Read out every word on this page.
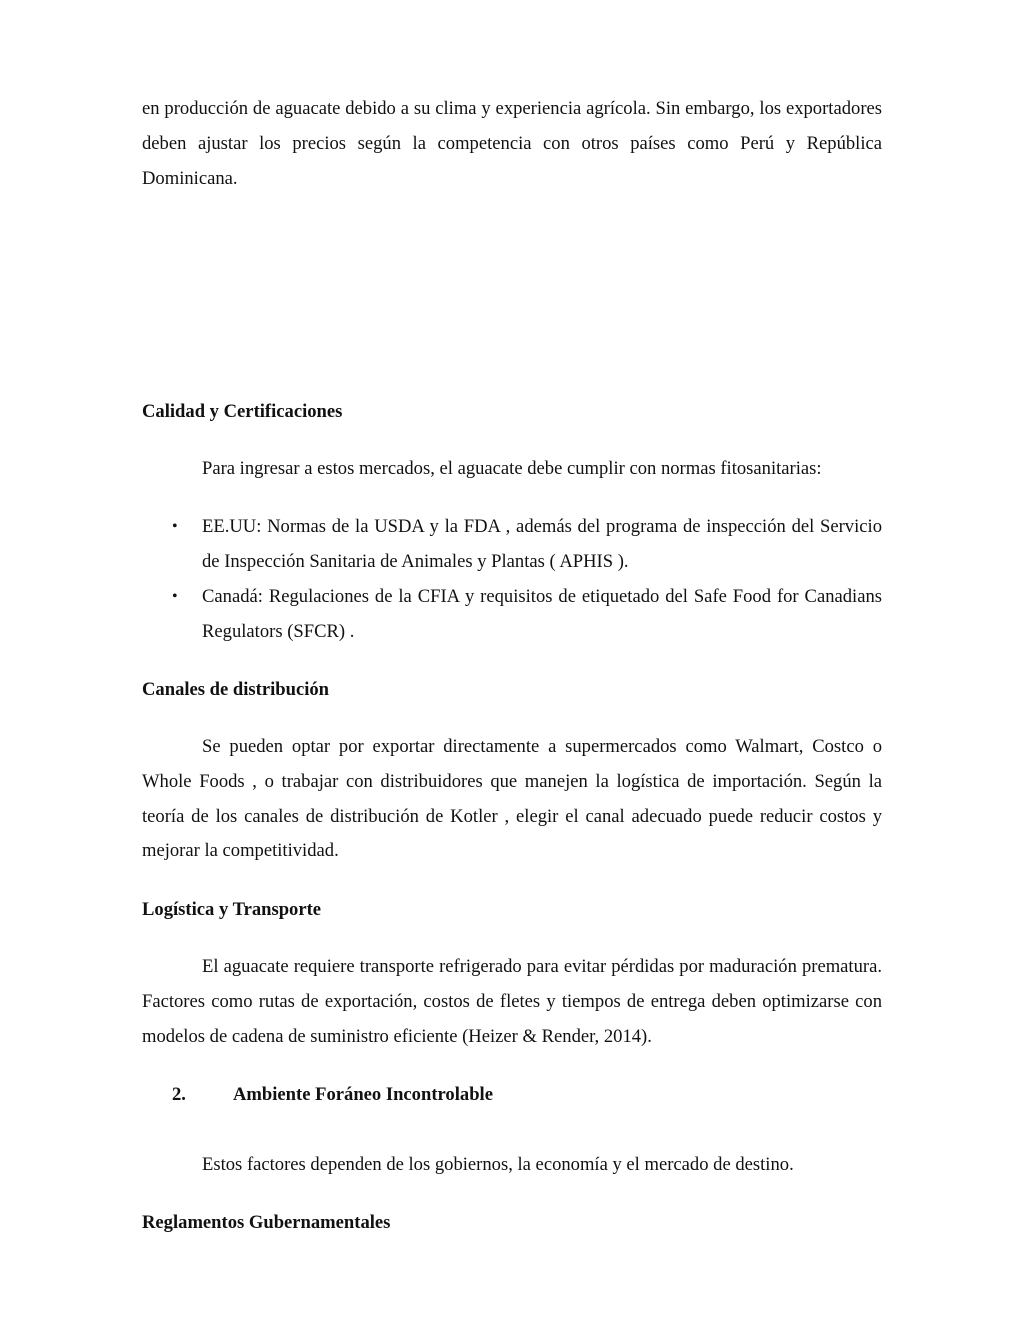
en producción de aguacate debido a su clima y experiencia agrícola. Sin embargo, los exportadores deben ajustar los precios según la competencia con otros países como Perú y República Dominicana.

Calidad y Certificaciones

Para ingresar a estos mercados, el aguacate debe cumplir con normas fitosanitarias:

• EE.UU: Normas de la USDA y la FDA , además del programa de inspección del Servicio de Inspección Sanitaria de Animales y Plantas ( APHIS ).

• Canadá: Regulaciones de la CFIA y requisitos de etiquetado del Safe Food for Canadians Regulators (SFCR) .

Canales de distribución

Se pueden optar por exportar directamente a supermercados como Walmart, Costco o Whole Foods , o trabajar con distribuidores que manejen la logística de importación. Según la teoría de los canales de distribución de Kotler , elegir el canal adecuado puede reducir costos y mejorar la competitividad.

Logística y Transporte

El aguacate requiere transporte refrigerado para evitar pérdidas por maduración prematura. Factores como rutas de exportación, costos de fletes y tiempos de entrega deben optimizarse con modelos de cadena de suministro eficiente (Heizer & Render, 2014).

2.	Ambiente Foráneo Incontrolable

Estos factores dependen de los gobiernos, la economía y el mercado de destino.

Reglamentos Gubernamentales
